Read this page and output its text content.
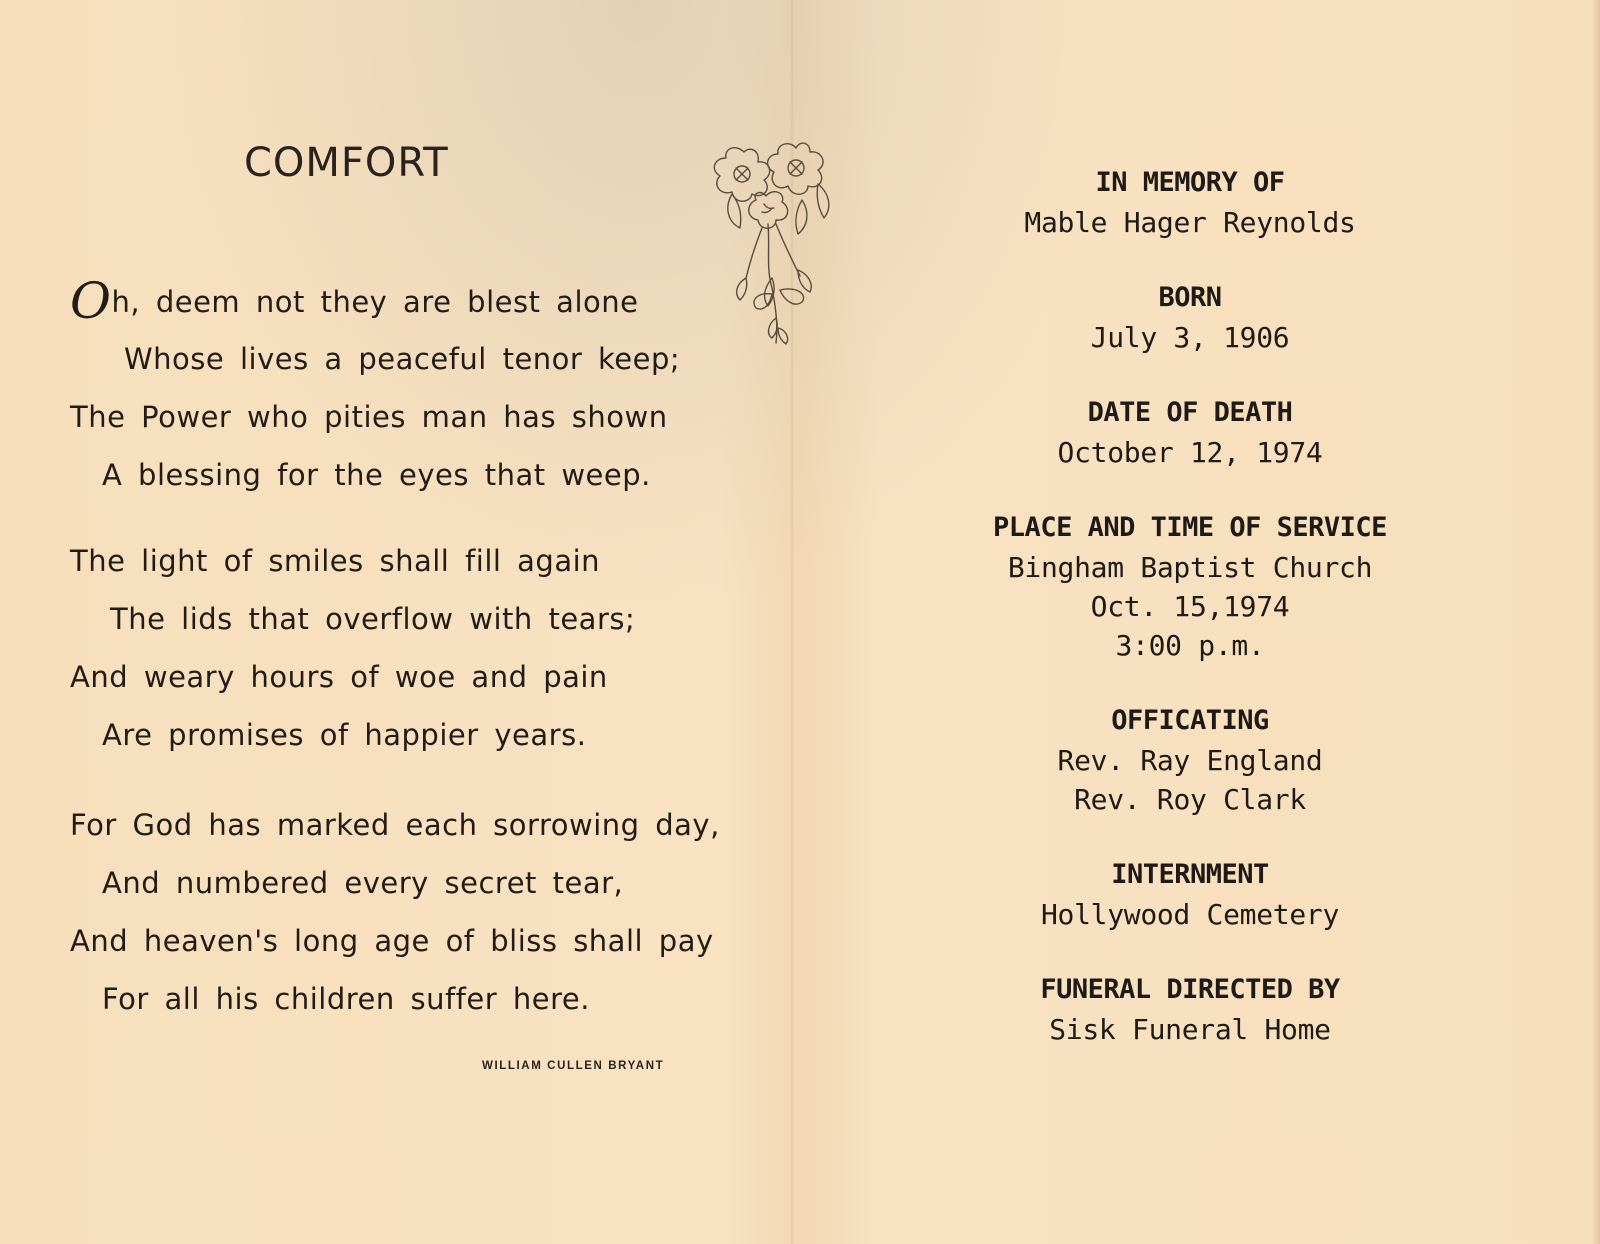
COMFORT
Oh, deem not they are blest alone
Whose lives a peaceful tenor keep;
The Power who pities man has shown
A blessing for the eyes that weep.
The light of smiles shall fill again
The lids that overflow with tears;
And weary hours of woe and pain
Are promises of happier years.
For God has marked each sorrowing day,
And numbered every secret tear,
And heaven's long age of bliss shall pay
For all his children suffer here.
WILLIAM CULLEN BRYANT
IN MEMORY OF
Mable Hager Reynolds
BORN
July 3, 1906
DATE OF DEATH
October 12, 1974
PLACE AND TIME OF SERVICE
Bingham Baptist Church
Oct. 15,1974
3:00 p.m.
OFFICATING
Rev. Ray England
Rev. Roy Clark
INTERNMENT
Hollywood Cemetery
FUNERAL DIRECTED BY
Sisk Funeral Home
